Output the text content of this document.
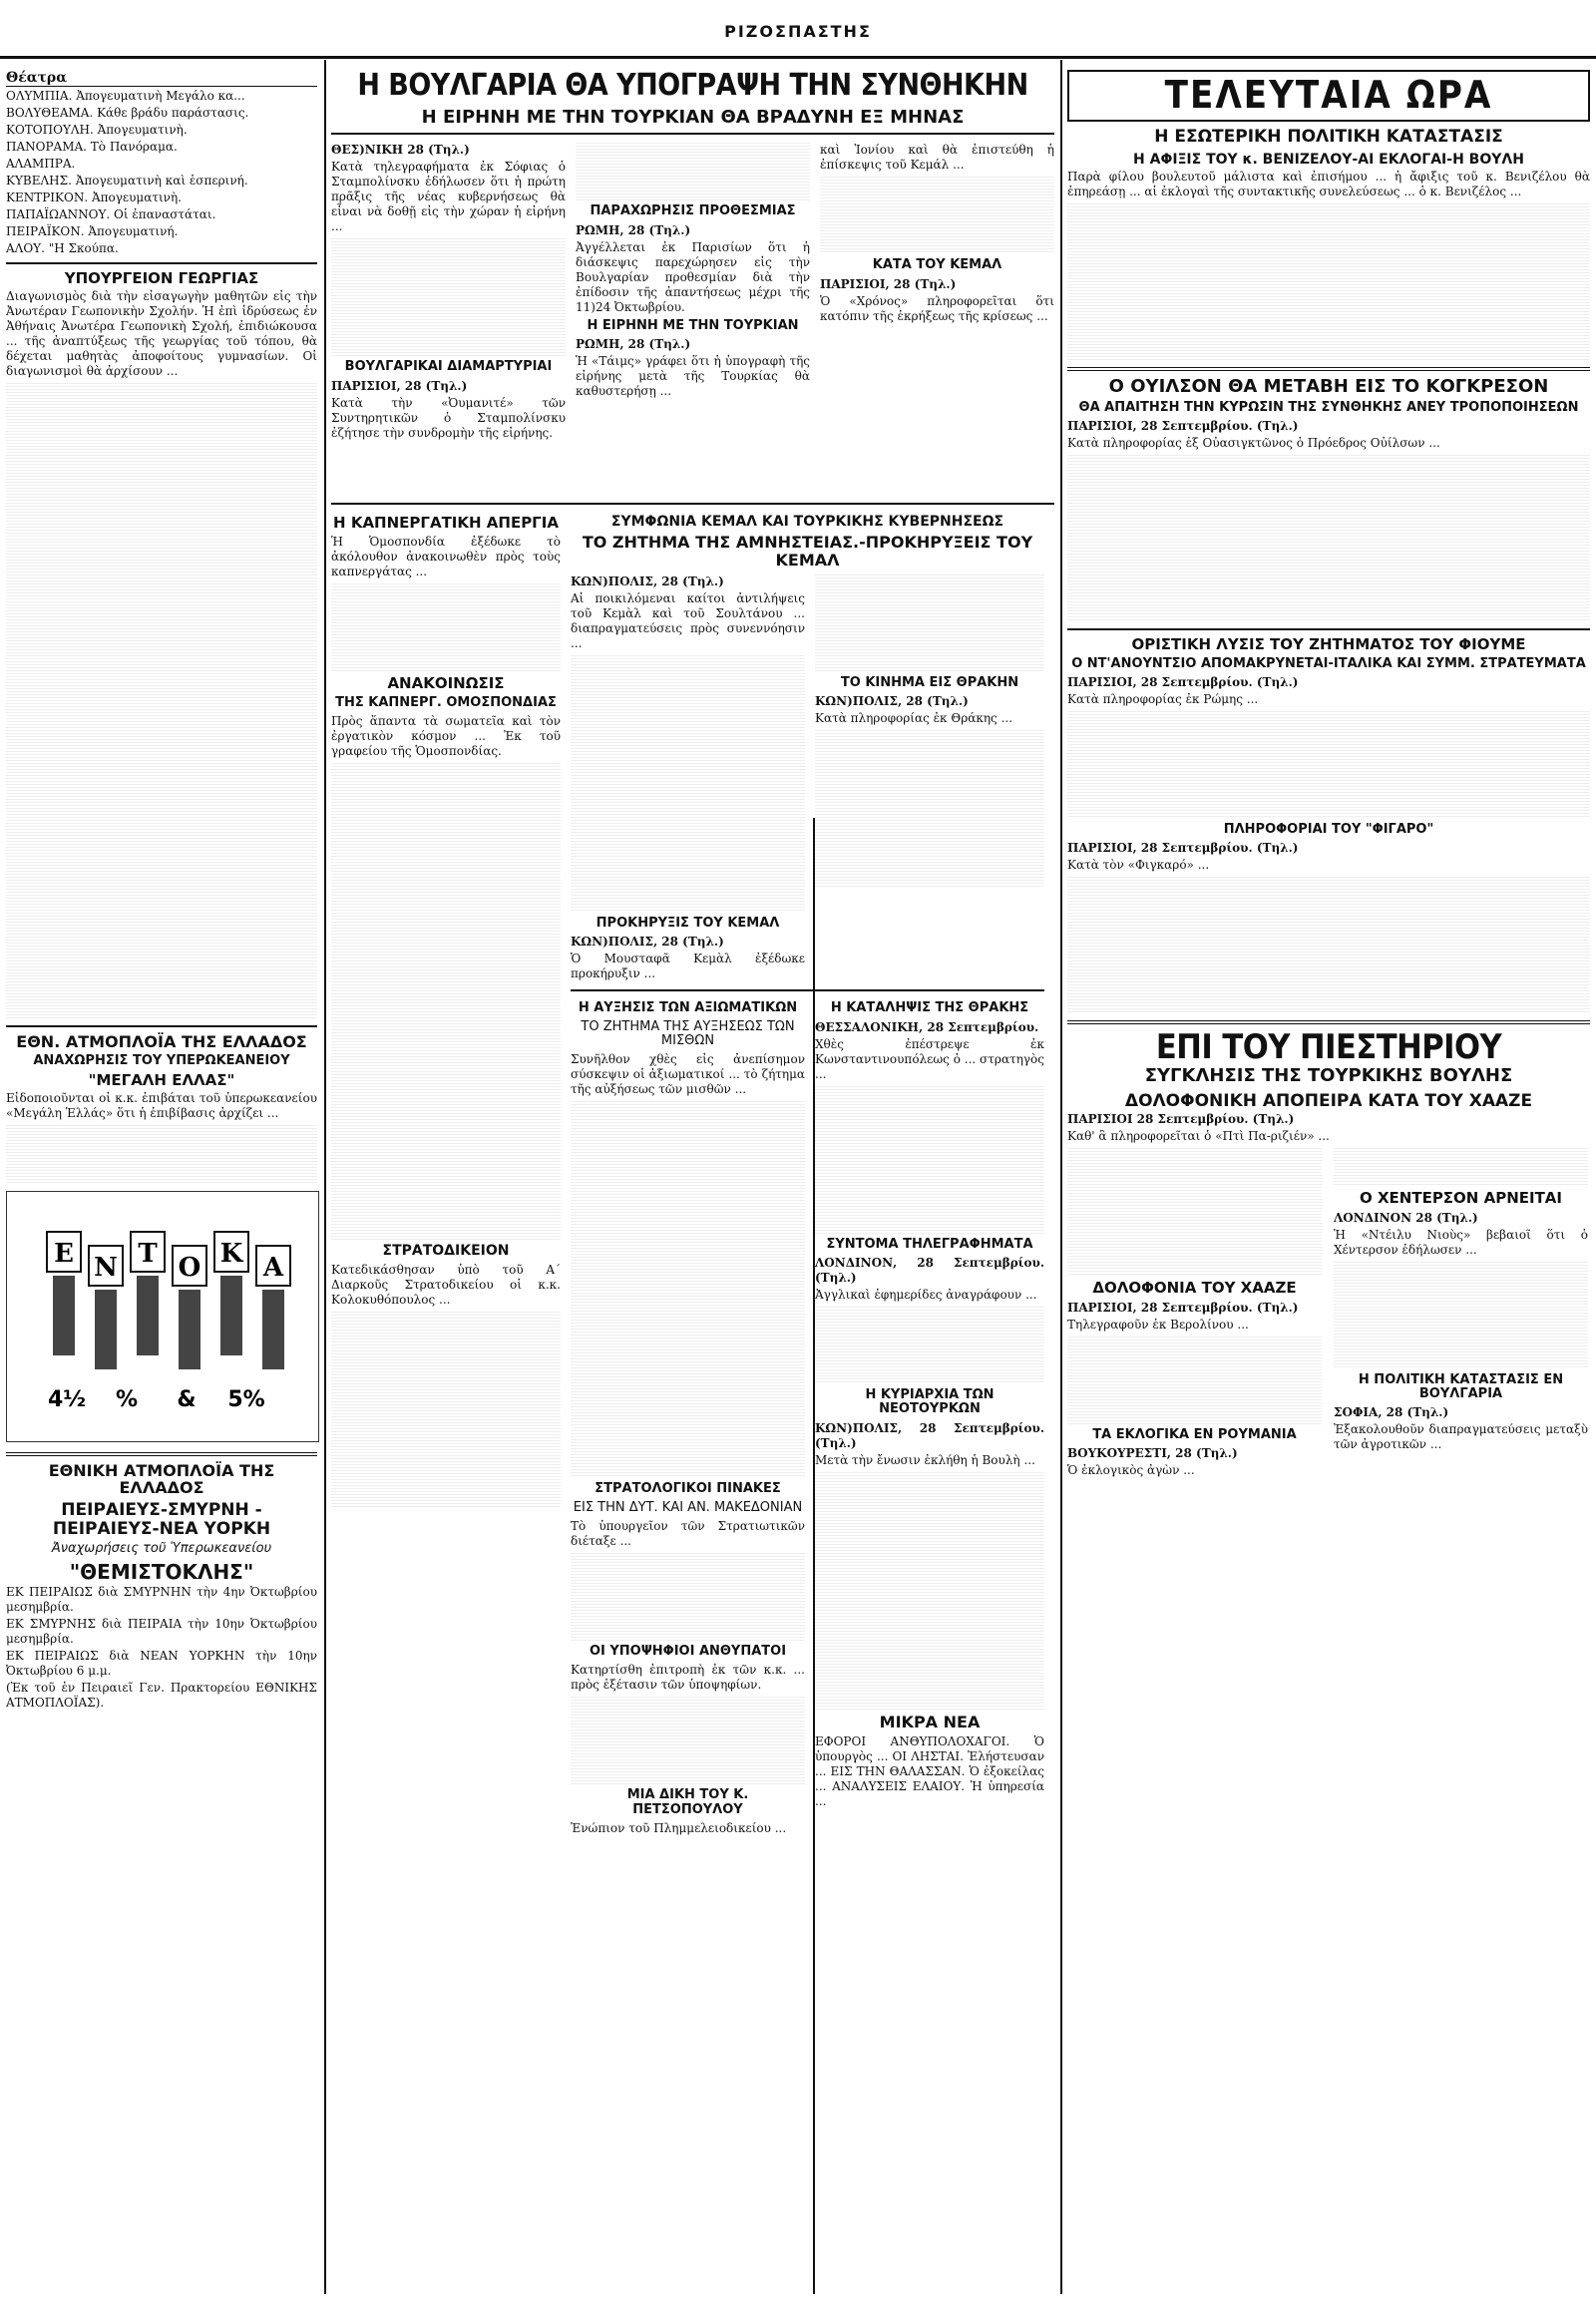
ΡΙΖΟΣΠΑΣΤΗΣ
Θέατρα
ΟΛΥΜΠΙΑ. Ἀπογευματινὴ Μεγάλο κα...
ΒΟΛΥΘΕΑΜΑ. Κάθε βράδυ παράστασις.
ΚΟΤΟΠΟΥΛΗ. Ἀπογευματινὴ.
ΠΑΝΟΡΑΜΑ. Τὸ Πανόραμα.
ΑΛΑΜΠΡΑ.
ΚΥΒΕΛΗΣ. Ἀπογευματινὴ καὶ ἑσπερινή.
ΚΕΝΤΡΙΚΟΝ. Ἀπογευματινὴ.
ΠΑΠΑΪΩΑΝΝΟΥ. Οἱ ἐπαναστάται.
ΠΕΙΡΑΪΚΟΝ. Ἀπογευματινή.
ΑΛΟΥ. "Η Σκούπα.
ΥΠΟΥΡΓΕΙΟΝ ΓΕΩΡΓΙΑΣ
Διαγωνισμὸς διὰ τὴν εἰσαγωγὴν μαθητῶν εἰς τὴν Ἀνωτέραν Γεωπονικὴν Σχολήν. Ἡ ἐπὶ ἱδρύσεως ἐν Ἀθήναις Ἀνωτέρα Γεωπονικὴ Σχολή, ἐπιδιώκουσα ... τῆς ἀναπτύξεως τῆς γεωργίας τοῦ τόπου, θὰ δέχεται μαθητὰς ἀποφοίτους γυμνασίων. Οἱ διαγωνισμοὶ θὰ ἀρχίσουν ...
ΕΘΝ. ΑΤΜΟΠΛΟΪΑ ΤΗΣ ΕΛΛΑΔΟΣ
ΑΝΑΧΩΡΗΣΙΣ ΤΟΥ ΥΠΕΡΩΚΕΑΝΕΙΟΥ
"ΜΕΓΑΛΗ ΕΛΛΑΣ"
Εἰδοποιοῦνται οἱ κ.κ. ἐπιβάται τοῦ ὑπερωκεανείου «Μεγάλη Ἑλλάς» ὅτι ἡ ἐπιβίβασις ἀρχίζει ...
Ε Ν Τ Ο Κ Α
4½ % & 5%
ΕΘΝΙΚΗ ΑΤΜΟΠΛΟΪΑ ΤΗΣ ΕΛΛΑΔΟΣ
ΠΕΙΡΑΙΕΥΣ-ΣΜΥΡΝΗ - ΠΕΙΡΑΙΕΥΣ-ΝΕΑ ΥΟΡΚΗ
Ἀναχωρήσεις τοῦ Ὑπερωκεανείου
"ΘΕΜΙΣΤΟΚΛΗΣ"
ΕΚ ΠΕΙΡΑΙΩΣ διὰ ΣΜΥΡΝΗΝ τὴν 4ην Ὀκτωβρίου μεσημβρία.
ΕΚ ΣΜΥΡΝΗΣ διὰ ΠΕΙΡΑΙΑ τὴν 10ην Ὀκτωβρίου μεσημβρία.
ΕΚ ΠΕΙΡΑΙΩΣ διὰ ΝΕΑΝ ΥΟΡΚΗΝ τὴν 10ην Ὀκτωβρίου 6 μ.μ.
(Ἐκ τοῦ ἐν Πειραιεῖ Γεν. Πρακτορείου ΕΘΝΙΚΗΣ ΑΤΜΟΠΛΟΪΑΣ).
Η ΒΟΥΛΓΑΡΙΑ ΘΑ ΥΠΟΓΡΑΨΗ ΤΗΝ ΣΥΝΘΗΚΗΝ
Η ΕΙΡΗΝΗ ΜΕ ΤΗΝ ΤΟΥΡΚΙΑΝ ΘΑ ΒΡΑΔΥΝΗ ΕΞ ΜΗΝΑΣ
ΘΕΣ)ΝΙΚΗ 28 (Τηλ.)
Κατὰ τηλεγραφήματα ἐκ Σόφιας ὁ Σταμπολίνσκυ ἐδήλωσεν ὅτι ἡ πρώτη πρᾶξις τῆς νέας κυβερνήσεως θὰ εἶναι νὰ δοθῇ εἰς τὴν χώραν ἡ εἰρήνη ...
ΒΟΥΛΓΑΡΙΚΑΙ ΔΙΑΜΑΡΤΥΡΙΑΙ
ΠΑΡΙΣΙΟΙ, 28 (Τηλ.)
Κατὰ τὴν «Ὀυμανιτέ» τῶν Συντηρητικῶν ὁ Σταμπολίνσκυ ἐζήτησε τὴν συνδρομὴν τῆς εἰρήνης.
ΠΑΡΑΧΩΡΗΣΙΣ ΠΡΟΘΕΣΜΙΑΣ
ΡΩΜΗ, 28 (Τηλ.)
Ἀγγέλλεται ἐκ Παρισίων ὅτι ἡ διάσκεψις παρεχώρησεν εἰς τὴν Βουλγαρίαν προθεσμίαν διὰ τὴν ἐπίδοσιν τῆς ἀπαντήσεως μέχρι τῆς 11)24 Ὀκτωβρίου.
Η ΕΙΡΗΝΗ ΜΕ ΤΗΝ ΤΟΥΡΚΙΑΝ
ΡΩΜΗ, 28 (Τηλ.)
Ἡ «Τάιμς» γράφει ὅτι ἡ ὑπογραφὴ τῆς εἰρήνης μετὰ τῆς Τουρκίας θὰ καθυστερήσῃ ...
καὶ Ἰονίου καὶ θὰ ἐπιστεύθη ἡ ἐπίσκεψις τοῦ Κεμάλ ...
ΚΑΤΑ ΤΟΥ ΚΕΜΑΛ
ΠΑΡΙΣΙΟΙ, 28 (Τηλ.)
Ὁ «Χρόνος» πληροφορεῖται ὅτι κατόπιν τῆς ἐκρήξεως τῆς κρίσεως ...
Η ΚΑΠΝΕΡΓΑΤΙΚΗ ΑΠΕΡΓΙΑ
Ἡ Ὁμοσπονδία ἐξέδωκε τὸ ἀκόλουθον ἀνακοινωθὲν πρὸς τοὺς καπνεργάτας ...
ΑΝΑΚΟΙΝΩΣΙΣ
ΤΗΣ ΚΑΠΝΕΡΓ. ΟΜΟΣΠΟΝΔΙΑΣ
Πρὸς ἅπαντα τὰ σωματεῖα καὶ τὸν ἐργατικὸν κόσμον ... Ἐκ τοῦ γραφείου τῆς Ὁμοσπονδίας.
ΣΤΡΑΤΟΔΙΚΕΙΟΝ
Κατεδικάσθησαν ὑπὸ τοῦ Α΄ Διαρκοῦς Στρατοδικείου οἱ κ.κ. Κολοκυθόπουλος ...
ΣΥΜΦΩΝΙΑ ΚΕΜΑΛ ΚΑΙ ΤΟΥΡΚΙΚΗΣ ΚΥΒΕΡΝΗΣΕΩΣ
ΤΟ ΖΗΤΗΜΑ ΤΗΣ ΑΜΝΗΣΤΕΙΑΣ.-ΠΡΟΚΗΡΥΞΕΙΣ ΤΟΥ ΚΕΜΑΛ
ΚΩΝ)ΠΟΛΙΣ, 28 (Τηλ.)
Αἱ ποικιλόμεναι καίτοι ἀντιλήψεις τοῦ Κεμὰλ καὶ τοῦ Σουλτάνου ... διαπραγματεύσεις πρὸς συνεννόησιν ...
ΠΡΟΚΗΡΥΞΙΣ ΤΟΥ ΚΕΜΑΛ
ΚΩΝ)ΠΟΛΙΣ, 28 (Τηλ.)
Ὁ Μουσταφᾶ Κεμὰλ ἐξέδωκε προκήρυξιν ...
ΤΟ ΚΙΝΗΜΑ ΕΙΣ ΘΡΑΚΗΝ
ΚΩΝ)ΠΟΛΙΣ, 28 (Τηλ.)
Κατὰ πληροφορίας ἐκ Θράκης ...
Η ΑΥΞΗΣΙΣ ΤΩΝ ΑΞΙΩΜΑΤΙΚΩΝ
ΤΟ ΖΗΤΗΜΑ ΤΗΣ ΑΥΞΗΣΕΩΣ ΤΩΝ ΜΙΣΘΩΝ
Συνῆλθον χθὲς εἰς ἀνεπίσημον σύσκεψιν οἱ ἀξιωματικοί ... τὸ ζήτημα τῆς αὐξήσεως τῶν μισθῶν ...
ΣΤΡΑΤΟΛΟΓΙΚΟΙ ΠΙΝΑΚΕΣ
ΕΙΣ ΤΗΝ ΔΥΤ. ΚΑΙ ΑΝ. ΜΑΚΕΔΟΝΙΑΝ
Τὸ ὑπουργεῖον τῶν Στρατιωτικῶν διέταξε ...
ΟΙ ΥΠΟΨΗΦΙΟΙ ΑΝΘΥΠΑΤΟΙ
Κατηρτίσθη ἐπιτροπὴ ἐκ τῶν κ.κ. ... πρὸς ἐξέτασιν τῶν ὑποψηφίων.
ΜΙΑ ΔΙΚΗ ΤΟΥ Κ. ΠΕΤΣΟΠΟΥΛΟΥ
Ἐνώπιον τοῦ Πλημμελειοδικείου ...
Η ΚΑΤΑΛΗΨΙΣ ΤΗΣ ΘΡΑΚΗΣ
ΘΕΣΣΑΛΟΝΙΚΗ, 28 Σεπτεμβρίου.
Χθὲς ἐπέστρεψε ἐκ Κωνσταντινουπόλεως ὁ ... στρατηγὸς ...
ΣΥΝΤΟΜΑ ΤΗΛΕΓΡΑΦΗΜΑΤΑ
ΛΟΝΔΙΝΟΝ, 28 Σεπτεμβρίου. (Τηλ.)
Ἀγγλικαὶ ἐφημερίδες ἀναγράφουν ...
Η ΚΥΡΙΑΡΧΙΑ ΤΩΝ ΝΕΟΤΟΥΡΚΩΝ
ΚΩΝ)ΠΟΛΙΣ, 28 Σεπτεμβρίου. (Τηλ.)
Μετὰ τὴν ἔνωσιν ἐκλήθη ἡ Βουλὴ ...
ΜΙΚΡΑ ΝΕΑ
ΕΦΟΡΟΙ ΑΝΘΥΠΟΛΟΧΑΓΟΙ. Ὁ ὑπουργὸς ... ΟΙ ΛΗΣΤΑΙ. Ἐλήστευσαν ... ΕΙΣ ΤΗΝ ΘΑΛΑΣΣΑΝ. Ὁ ἐξοκείλας ... ΑΝΑΛΥΣΕΙΣ ΕΛΑΙΟΥ. Ἡ ὑπηρεσία ...
ΤΕΛΕΥΤΑΙΑ ΩΡΑ
Η ΕΣΩΤΕΡΙΚΗ ΠΟΛΙΤΙΚΗ ΚΑΤΑΣΤΑΣΙΣ
Η ΑΦΙΞΙΣ ΤΟΥ κ. ΒΕΝΙΖΕΛΟΥ-ΑΙ ΕΚΛΟΓΑΙ-Η ΒΟΥΛΗ
Παρὰ φίλου βουλευτοῦ μάλιστα καὶ ἐπισήμου ... ἡ ἄφιξις τοῦ κ. Βενιζέλου θὰ ἐπηρεάσῃ ... αἱ ἐκλογαὶ τῆς συντακτικῆς συνελεύσεως ... ὁ κ. Βενιζέλος ...
Ο ΟΥΙΛΣΟΝ ΘΑ ΜΕΤΑΒΗ ΕΙΣ ΤΟ ΚΟΓΚΡΕΣΟΝ
ΘΑ ΑΠΑΙΤΗΣΗ ΤΗΝ ΚΥΡΩΣΙΝ ΤΗΣ ΣΥΝΘΗΚΗΣ ΑΝΕΥ ΤΡΟΠΟΠΟΙΗΣΕΩΝ
ΠΑΡΙΣΙΟΙ, 28 Σεπτεμβρίου. (Τηλ.)
Κατὰ πληροφορίας ἐξ Οὐασιγκτῶνος ὁ Πρόεδρος Οὐίλσων ...
ΟΡΙΣΤΙΚΗ ΛΥΣΙΣ ΤΟΥ ΖΗΤΗΜΑΤΟΣ ΤΟΥ ΦΙΟΥΜΕ
Ο ΝΤ'ΑΝΟΥΝΤΣΙΟ ΑΠΟΜΑΚΡΥΝΕΤΑΙ-ΙΤΑΛΙΚΑ ΚΑΙ ΣΥΜΜ. ΣΤΡΑΤΕΥΜΑΤΑ
ΠΑΡΙΣΙΟΙ, 28 Σεπτεμβρίου. (Τηλ.)
Κατὰ πληροφορίας ἐκ Ρώμης ...
ΠΛΗΡΟΦΟΡΙΑΙ ΤΟΥ "ΦΙΓΑΡΟ"
ΠΑΡΙΣΙΟΙ, 28 Σεπτεμβρίου. (Τηλ.)
Κατὰ τὸν «Φιγκαρό» ...
ΕΠΙ ΤΟΥ ΠΙΕΣΤΗΡΙΟΥ
ΣΥΓΚΛΗΣΙΣ ΤΗΣ ΤΟΥΡΚΙΚΗΣ ΒΟΥΛΗΣ
ΔΟΛΟΦΟΝΙΚΗ ΑΠΟΠΕΙΡΑ ΚΑΤΑ ΤΟΥ ΧΑΑΖΕ
ΠΑΡΙΣΙΟΙ 28 Σεπτεμβρίου. (Τηλ.)
Καθ' ἃ πληροφορεῖται ὁ «Πτὶ Πα-ριζιέν» ...
ΔΟΛΟΦΟΝΙΑ ΤΟΥ ΧΑΑΖΕ
ΠΑΡΙΣΙΟΙ, 28 Σεπτεμβρίου. (Τηλ.)
Τηλεγραφοῦν ἐκ Βερολίνου ...
ΤΑ ΕΚΛΟΓΙΚΑ ΕΝ ΡΟΥΜΑΝΙΑ
ΒΟΥΚΟΥΡΕΣΤΙ, 28 (Τηλ.)
Ὁ ἐκλογικὸς ἀγὼν ...
Ο ΧΕΝΤΕΡΣΟΝ ΑΡΝΕΙΤΑΙ
ΛΟΝΔΙΝΟΝ 28 (Τηλ.)
Ἡ «Ντέιλυ Νιοὺς» βεβαιοῖ ὅτι ὁ Χέντερσον ἐδήλωσεν ...
Η ΠΟΛΙΤΙΚΗ ΚΑΤΑΣΤΑΣΙΣ ΕΝ ΒΟΥΛΓΑΡΙΑ
ΣΟΦΙΑ, 28 (Τηλ.)
Ἐξακολουθοῦν διαπραγματεύσεις μεταξὺ τῶν ἀγροτικῶν ...
